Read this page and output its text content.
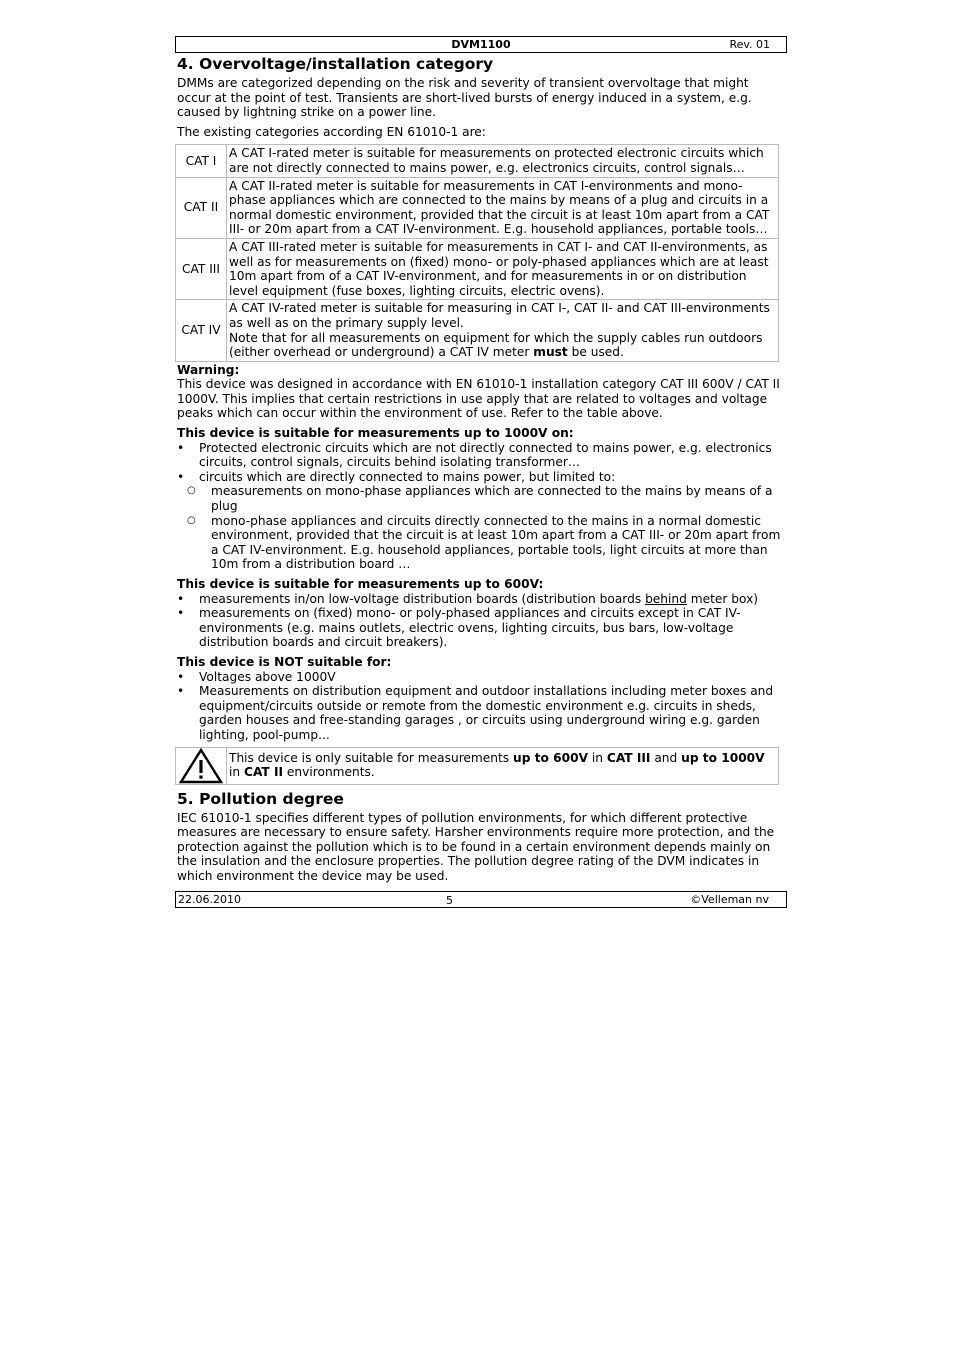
DVM1100	Rev. 01
4. Overvoltage/installation category

DMMs are categorized depending on the risk and severity of transient overvoltage that might occur at the point of test. Transients are short-lived bursts of energy induced in a system, e.g. caused by lightning strike on a power line.

The existing categories according EN 61010-1 are:

CAT I	A CAT I-rated meter is suitable for measurements on protected electronic circuits which are not directly connected to mains power, e.g. electronics circuits, control signals…
CAT II	A CAT II-rated meter is suitable for measurements in CAT I-environments and mono-phase appliances which are connected to the mains by means of a plug and circuits in a normal domestic environment, provided that the circuit is at least 10m apart from a CAT III- or 20m apart from a CAT IV-environment. E.g. household appliances, portable tools…
CAT III	A CAT III-rated meter is suitable for measurements in CAT I- and CAT II-environments, as well as for measurements on (fixed) mono- or poly-phased appliances which are at least 10m apart from of a CAT IV-environment, and for measurements in or on distribution level equipment (fuse boxes, lighting circuits, electric ovens).
CAT IV	A CAT IV-rated meter is suitable for measuring in CAT I-, CAT II- and CAT III-environments as well as on the primary supply level.
Note that for all measurements on equipment for which the supply cables run outdoors (either overhead or underground) a CAT IV meter must be used.
Warning:

This device was designed in accordance with EN 61010-1 installation category CAT III 600V / CAT II 1000V. This implies that certain restrictions in use apply that are related to voltages and voltage peaks which can occur within the environment of use. Refer to the table above.

This device is suitable for measurements up to 1000V on:
• Protected electronic circuits which are not directly connected to mains power, e.g. electronics circuits, control signals, circuits behind isolating transformer…
• circuits which are directly connected to mains power, but limited to:
○ measurements on mono-phase appliances which are connected to the mains by means of a plug
○ mono-phase appliances and circuits directly connected to the mains in a normal domestic environment, provided that the circuit is at least 10m apart from a CAT III- or 20m apart from a CAT IV-environment. E.g. household appliances, portable tools, light circuits at more than 10m from a distribution board …
This device is suitable for measurements up to 600V:
• measurements in/on low-voltage distribution boards (distribution boards behind meter box)
• measurements on (fixed) mono- or poly-phased appliances and circuits except in CAT IV-environments (e.g. mains outlets, electric ovens, lighting circuits, bus bars, low-voltage distribution boards and circuit breakers).
This device is NOT suitable for:
• Voltages above 1000V
• Measurements on distribution equipment and outdoor installations including meter boxes and equipment/circuits outside or remote from the domestic environment e.g. circuits in sheds, garden houses and free-standing garages , or circuits using underground wiring e.g. garden lighting, pool-pump...
This device is only suitable for measurements up to 600V in CAT III and up to 1000V in CAT II environments.
5. Pollution degree

IEC 61010-1 specifies different types of pollution environments, for which different protective measures are necessary to ensure safety. Harsher environments require more protection, and the protection against the pollution which is to be found in a certain environment depends mainly on the insulation and the enclosure properties. The pollution degree rating of the DVM indicates in which environment the device may be used.

22.06.2010	5	©Velleman nv
